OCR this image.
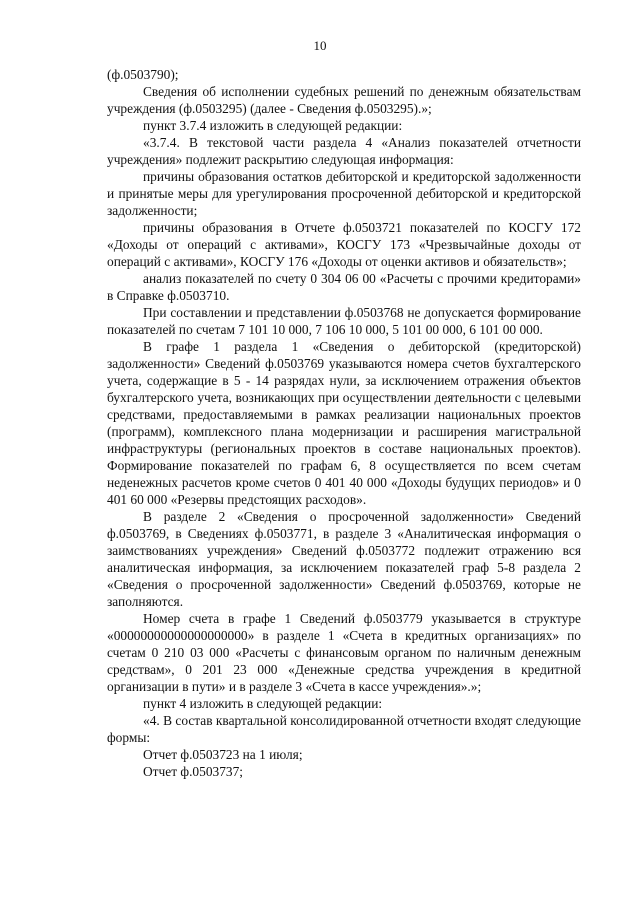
10

(ф.0503790);

Сведения об исполнении судебных решений по денежным обязательствам учреждения (ф.0503295) (далее - Сведения ф.0503295).»;

пункт 3.7.4 изложить в следующей редакции:

«3.7.4. В текстовой части раздела 4 «Анализ показателей отчетности учреждения» подлежит раскрытию следующая информация:

причины образования остатков дебиторской и кредиторской задолженности и принятые меры для урегулирования просроченной дебиторской и кредиторской задолженности;

причины образования в Отчете ф.0503721 показателей по КОСГУ 172 «Доходы от операций с активами», КОСГУ 173 «Чрезвычайные доходы от операций с активами», КОСГУ 176 «Доходы от оценки активов и обязательств»;

анализ показателей по счету 0 304 06 00 «Расчеты с прочими кредиторами» в Справке ф.0503710.

При составлении и представлении ф.0503768 не допускается формирование показателей по счетам 7 101 10 000, 7 106 10 000, 5 101 00 000, 6 101 00 000.

В графе 1 раздела 1 «Сведения о дебиторской (кредиторской) задолженности» Сведений ф.0503769 указываются номера счетов бухгалтерского учета, содержащие в 5 - 14 разрядах нули, за исключением отражения объектов бухгалтерского учета, возникающих при осуществлении деятельности с целевыми средствами, предоставляемыми в рамках реализации национальных проектов (программ), комплексного плана модернизации и расширения магистральной инфраструктуры (региональных проектов в составе национальных проектов). Формирование показателей по графам 6, 8 осуществляется по всем счетам неденежных расчетов кроме счетов 0 401 40 000 «Доходы будущих периодов» и 0 401 60 000 «Резервы предстоящих расходов».

В разделе 2 «Сведения о просроченной задолженности» Сведений ф.0503769, в Сведениях ф.0503771, в разделе 3 «Аналитическая информация о заимствованиях учреждения» Сведений ф.0503772 подлежит отражению вся аналитическая информация, за исключением показателей граф 5-8 раздела 2 «Сведения о просроченной задолженности» Сведений ф.0503769, которые не заполняются.

Номер счета в графе 1 Сведений ф.0503779 указывается в структуре «00000000000000000000» в разделе 1 «Счета в кредитных организациях» по счетам 0 210 03 000 «Расчеты с финансовым органом по наличным денежным средствам», 0 201 23 000 «Денежные средства учреждения в кредитной организации в пути» и в разделе 3 «Счета в кассе учреждения».»;

пункт 4 изложить в следующей редакции:

«4. В состав квартальной консолидированной отчетности входят следующие формы:

Отчет ф.0503723 на 1 июля;

Отчет ф.0503737;
